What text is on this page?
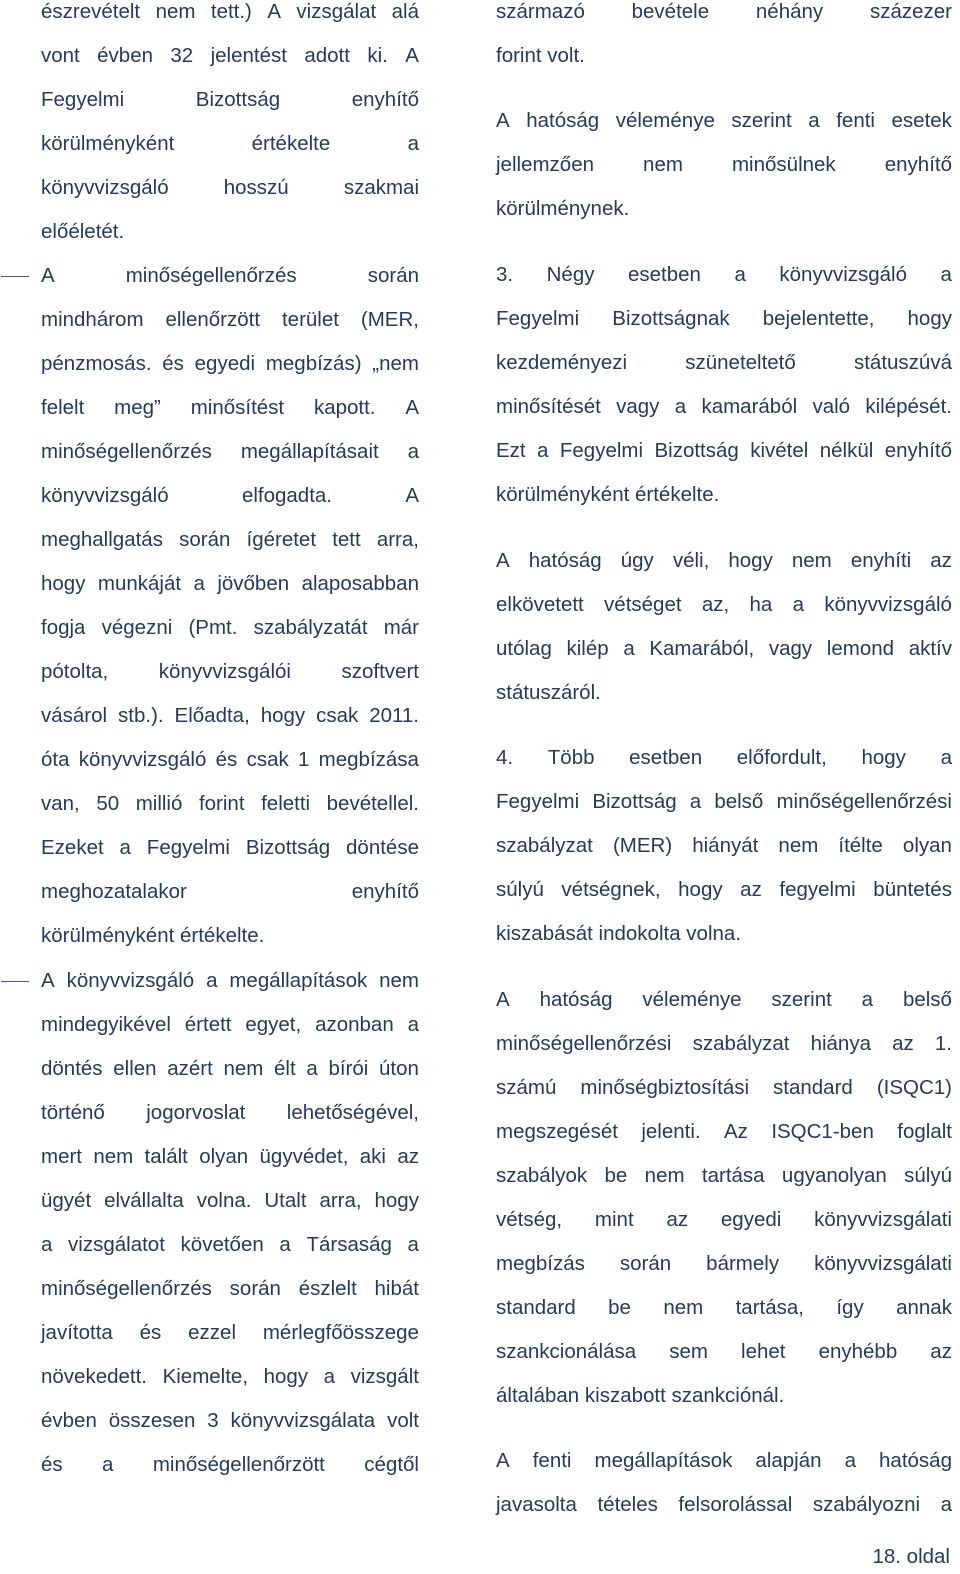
észrevételt nem tett.) A vizsgálat alá
vont évben 32 jelentést adott ki. A
Fegyelmi	Bizottság	enyhítő
körülményként	értékelte	a
könyvvizsgáló	hosszú	szakmai
előéletét.
A	minőségellenőrzés	során
mindhárom ellenőrzött terület (MER,
pénzmosás. és egyedi megbízás) „nem
felelt meg” minősítést kapott. A
minőségellenőrzés megállapításait a
könyvvizsgáló	elfogadta.	A
meghallgatás során ígéretet tett arra,
hogy munkáját a jövőben alaposabban
fogja végezni (Pmt. szabályzatát már
pótolta, könyvvizsgálói szoftvert
vásárol stb.). Előadta, hogy csak 2011.
óta könyvvizsgáló és csak 1 megbízása
van, 50 millió forint feletti bevétellel.
Ezeket a Fegyelmi Bizottság döntése
meghozatalakor	enyhítő
körülményként értékelte.
A könyvvizsgáló a megállapítások nem
mindegyikével értett egyet, azonban a
döntés ellen azért nem élt a bírói úton
történő jogorvoslat lehetőségével,
mert nem talált olyan ügyvédet, aki az
ügyét elvállalta volna. Utalt arra, hogy
a vizsgálatot követően a Társaság a
minőségellenőrzés során észlelt hibát
javította és ezzel mérlegfőösszege
növekedett. Kiemelte, hogy a vizsgált
évben összesen 3 könyvvizsgálata volt
és a minőségellenőrzött cégtől
származó bevétele néhány százezer
forint volt.
A hatóság véleménye szerint a fenti esetek
jellemzően nem minősülnek enyhítő
körülménynek.
3. Négy esetben a könyvvizsgáló a
Fegyelmi Bizottságnak bejelentette, hogy
kezdeményezi	szüneteltető	státuszúvá
minősítését vagy a kamarából való kilépését.
Ezt a Fegyelmi Bizottság kivétel nélkül enyhítő
körülményként értékelte.
A hatóság úgy véli, hogy nem enyhíti az
elkövetett vétséget az, ha a könyvvizsgáló
utólag kilép a Kamarából, vagy lemond aktív
státuszáról.
4. Több esetben előfordult, hogy a
Fegyelmi Bizottság a belső minőségellenőrzési
szabályzat (MER) hiányát nem ítélte olyan
súlyú vétségnek, hogy az fegyelmi büntetés
kiszabását indokolta volna.
A hatóság véleménye szerint a belső
minőségellenőrzési szabályzat hiánya az 1.
számú minőségbiztosítási standard (ISQC1)
megszegését jelenti. Az ISQC1-ben foglalt
szabályok be nem tartása ugyanolyan súlyú
vétség, mint az egyedi könyvvizsgálati
megbízás során bármely könyvvizsgálati
standard be nem tartása, így annak
szankcionálása sem lehet enyhébb az
általában kiszabott szankciónál.
A fenti megállapítások alapján a hatóság
javasolta tételes felsorolással szabályozni a
18. oldal
